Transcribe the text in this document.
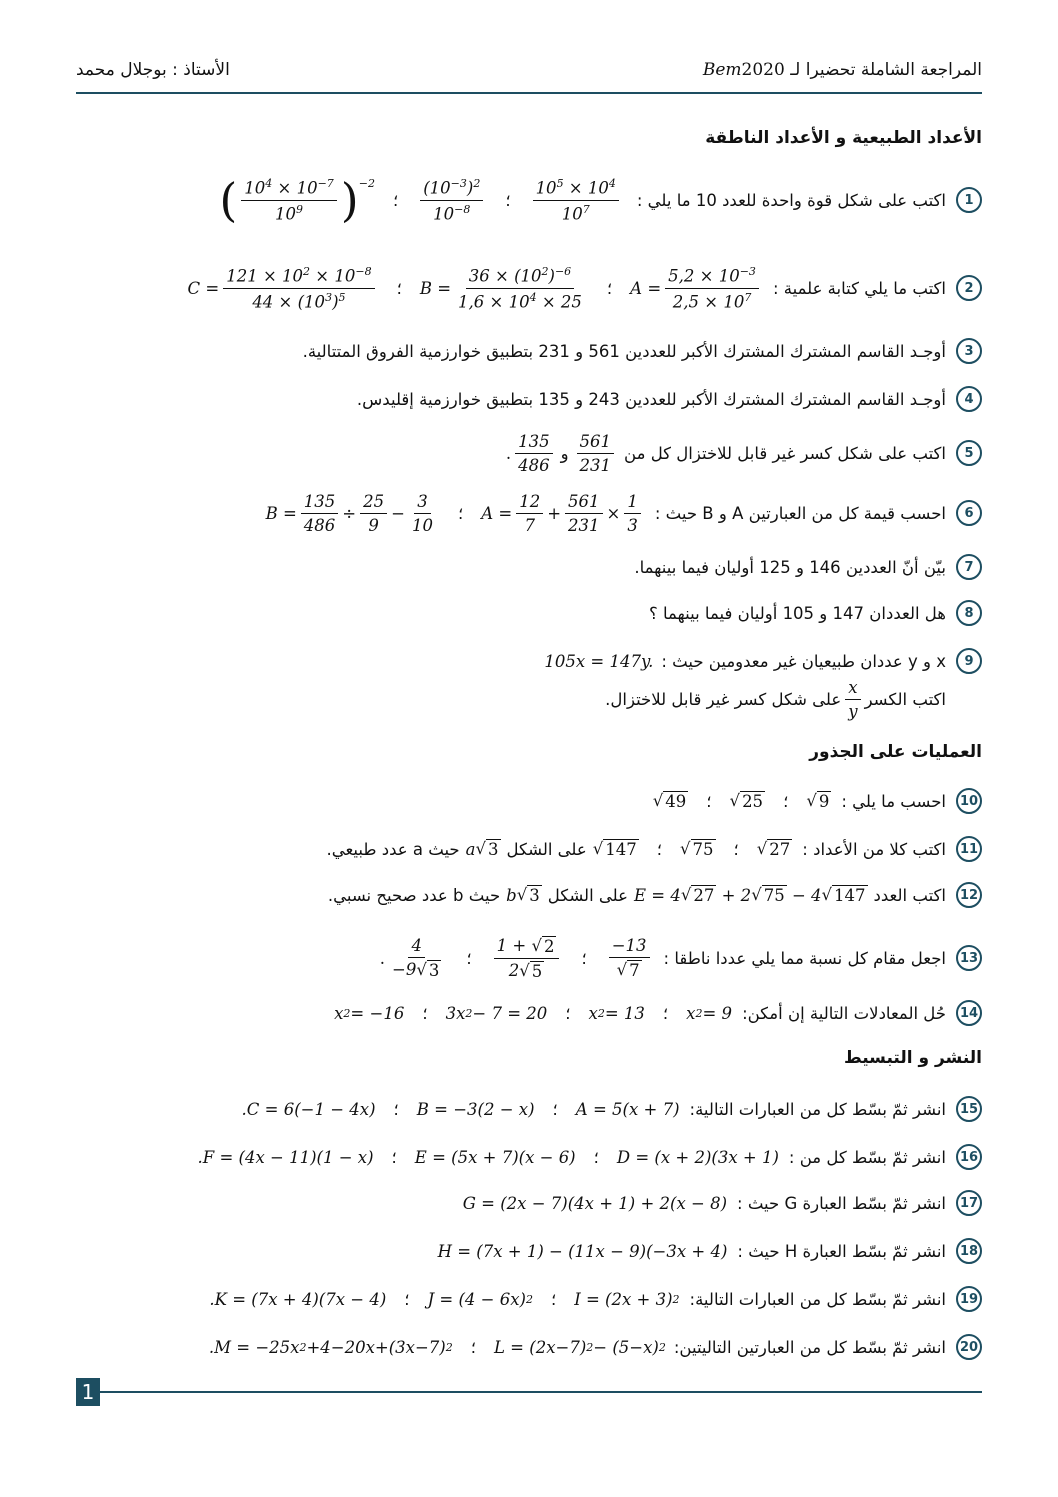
المراجعة الشاملة تحضيرا لـ Bem2020
الأستاذ : بوجلال محمد
الأعداد الطبيعية و الأعداد الناطقة
1
اكتب على شكل قوة واحدة للعدد 10 ما يلي :
( $\frac{10^4 \times 10^{-7}}{10^9} )^{-2}$
؛ $\frac{(10^{-3})^2}{10^{-8}}$ ؛ $\frac{10^5 \times 10^4}{10^7}$
2
اكتب ما يلي كتابة علمية :
$C = \frac{121 \times 10^2 \times 10^{-8}}{44 \times (10^3)^5}$ ؛ $B = \frac{36 \times (10^2)^{-6}}{1,6 \times 10^4 \times 25}$ ؛ $A = \frac{5,2 \times 10^{-3}}{2,5 \times 10^7}$
3
أوجـد القاسم المشترك المشترك الأكبر للعددين 561 و 231 بتطبيق خوارزمية الفروق المتتالية.
4
أوجـد القاسم المشترك المشترك الأكبر للعددين 243 و 135 بتطبيق خوارزمية إقليدس.
5
اكتب على شكل كسر غير قابل للاختزال كل من
. $\frac{135}{486}$ و $\frac{561}{231}$
6
احسب قيمة كل من العبارتين A و B حيث :
$B = \frac{135}{486} \div \frac{25}{9} - \frac{3}{10}$ ؛ $A = \frac{12}{7} + \frac{561}{231} \times \frac{1}{3}$
7
بيّن أنّ العددين 146 و 125 أوليان فيما بينهما.
8
هل العددان 147 و 105 أوليان فيما بينهما ؟
9
x و y عددان طبيعيان غير معدومين حيث :
105x = 147y.
اكتب الكسر
$\frac{x}{y}$
على شكل كسر غير قابل للاختزال.
العمليات على الجذور
10
احسب ما يلي :
√ 49 ؛ √ 25 ؛ √ 9
11
اكتب كلا من الأعداد :
√ 147 ؛ √ 75 ؛ √ 27
على الشكل
a √ 3
حيث a عدد طبيعي.
12
اكتب العدد
E = 4 √ 27 + 2 √ 75 − 4 √ 147
على الشكل
b √ 3
حيث b عدد صحيح نسبي.
13
اجعل مقام كل نسبة مما يلي عددا ناطقا :
. $\frac{4}{-9 √ 3}$ ؛ $\frac{1 + √ 2}{2 √ 5}$ ؛ $\frac{-13}{√ 7}$
14
حُل المعادلات التالية إن أمكن:
x 2 = −16 ؛ 3x 2 − 7 = 20 ؛ x 2 = 13 ؛ x 2 = 9
النشر و التبسيط
15
انشر ثمّ بسّط كل من العبارات التالية:
.C = 6(−1 − 4x) ؛ B = −3(2 − x) ؛ A = 5(x + 7)
16
انشر ثمّ بسّط كل من :
.F = (4x − 11)(1 − x) ؛ E = (5x + 7)(x − 6) ؛ D = (x + 2)(3x + 1)
17
انشر ثمّ بسّط العبارة G حيث :
G = (2x − 7)(4x + 1) + 2(x − 8)
18
انشر ثمّ بسّط العبارة H حيث :
H = (7x + 1) − (11x − 9)(−3x + 4)
19
انشر ثمّ بسّط كل من العبارات التالية:
.K = (7x + 4)(7x − 4) ؛ J = (4 − 6x) 2 ؛ I = (2x + 3) 2
20
انشر ثمّ بسّط كل من العبارتين التاليتين:
.M = −25x 2 +4−20x+(3x−7) 2 ؛ L = (2x−7) 2 − (5−x) 2
1
